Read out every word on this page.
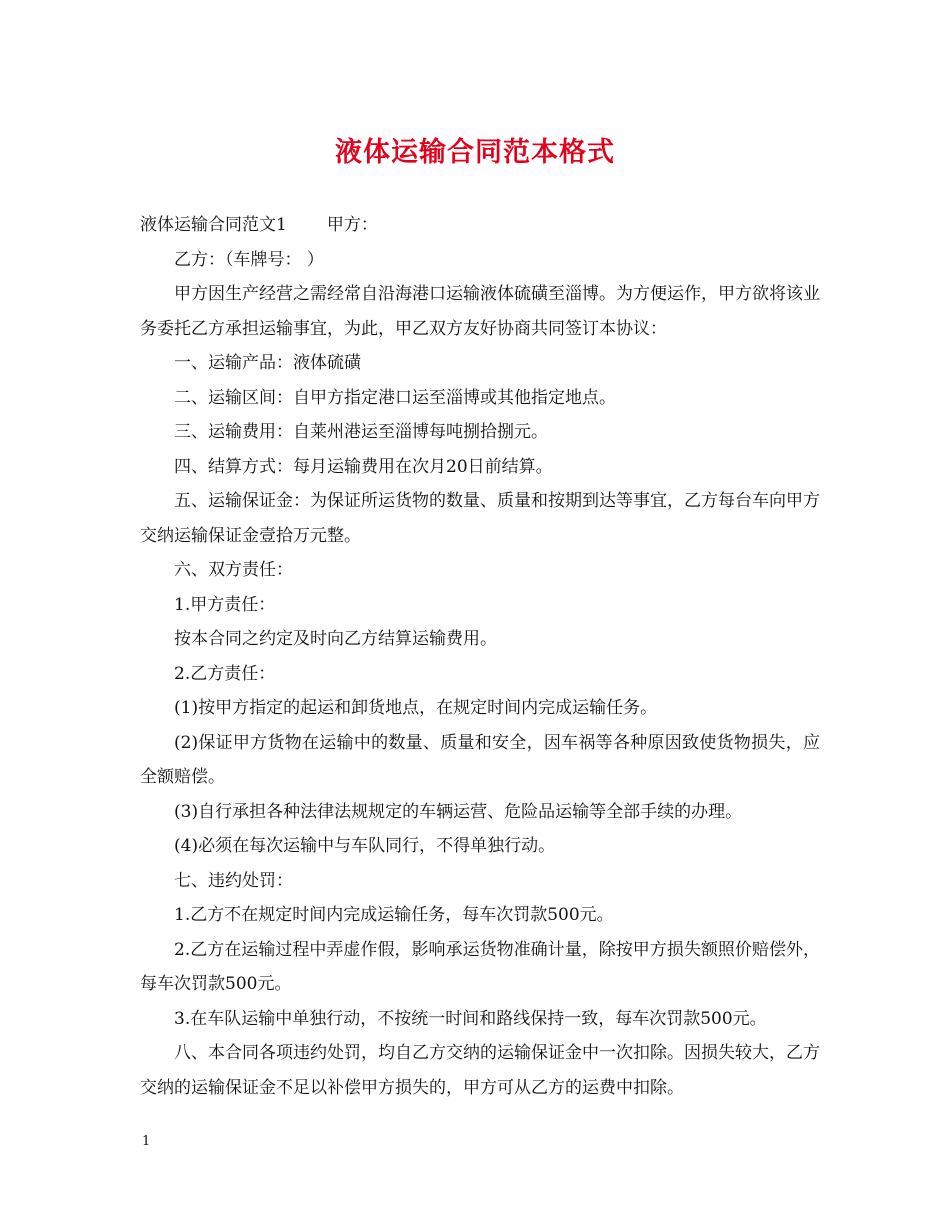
液体运输合同范本格式

液体运输合同范文1 甲方：

乙方：（车牌号： ）

甲方因生产经营之需经常自沿海港口运输液体硫磺至淄博。为方便运作，甲方欲将该业务委托乙方承担运输事宜，为此，甲乙双方友好协商共同签订本协议：

一、运输产品：液体硫磺

二、运输区间：自甲方指定港口运至淄博或其他指定地点。

三、运输费用：自莱州港运至淄博每吨捌拾捌元。

四、结算方式：每月运输费用在次月20日前结算。

五、运输保证金：为保证所运货物的数量、质量和按期到达等事宜，乙方每台车向甲方交纳运输保证金壹拾万元整。

六、双方责任：

1.甲方责任：

按本合同之约定及时向乙方结算运输费用。

2.乙方责任：

(1)按甲方指定的起运和卸货地点，在规定时间内完成运输任务。

(2)保证甲方货物在运输中的数量、质量和安全，因车祸等各种原因致使货物损失，应全额赔偿。

(3)自行承担各种法律法规规定的车辆运营、危险品运输等全部手续的办理。

(4)必须在每次运输中与车队同行，不得单独行动。

七、违约处罚：

1.乙方不在规定时间内完成运输任务，每车次罚款500元。

2.乙方在运输过程中弄虚作假，影响承运货物准确计量，除按甲方损失额照价赔偿外，每车次罚款500元。

3.在车队运输中单独行动，不按统一时间和路线保持一致，每车次罚款500元。

八、本合同各项违约处罚，均自乙方交纳的运输保证金中一次扣除。因损失较大，乙方交纳的运输保证金不足以补偿甲方损失的，甲方可从乙方的运费中扣除。

1
